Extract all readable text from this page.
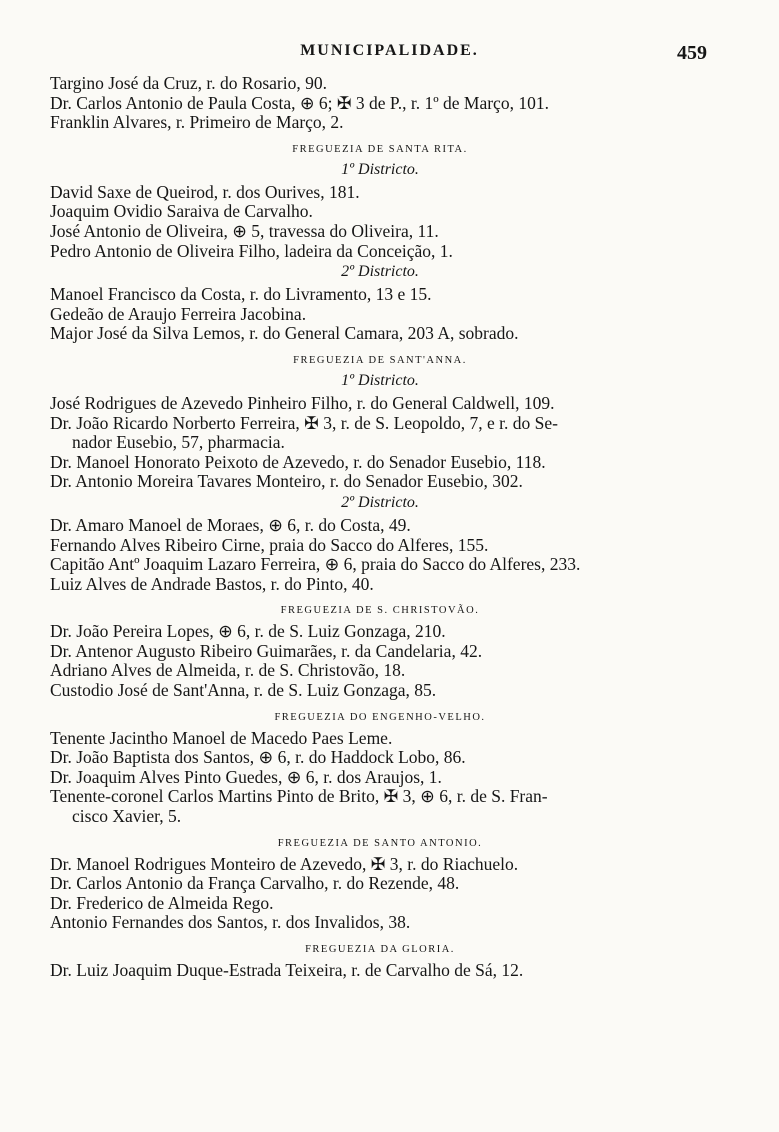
MUNICIPALIDADE.	459

Targino José da Cruz, r. do Rosario, 90.

Dr. Carlos Antonio de Paula Costa, ⊕ 6; ✠ 3 de P., r. 1º de Março, 101.

Franklin Alvares, r. Primeiro de Março, 2.

FREGUEZIA DE SANTA RITA.
1º Districto.

David Saxe de Queirod, r. dos Ourives, 181.

Joaquim Ovidio Saraiva de Carvalho.

José Antonio de Oliveira, ⊕ 5, travessa do Oliveira, 11.

Pedro Antonio de Oliveira Filho, ladeira da Conceição, 1.

2º Districto.

Manoel Francisco da Costa, r. do Livramento, 13 e 15.

Gedeão de Araujo Ferreira Jacobina.

Major José da Silva Lemos, r. do General Camara, 203 A, sobrado.

FREGUEZIA DE SANT'ANNA.
1º Districto.

José Rodrigues de Azevedo Pinheiro Filho, r. do General Caldwell, 109.

Dr. João Ricardo Norberto Ferreira, ✠ 3, r. de S. Leopoldo, 7, e r. do Se-

nador Eusebio, 57, pharmacia.

Dr. Manoel Honorato Peixoto de Azevedo, r. do Senador Eusebio, 118.

Dr. Antonio Moreira Tavares Monteiro, r. do Senador Eusebio, 302.

2º Districto.

Dr. Amaro Manoel de Moraes, ⊕ 6, r. do Costa, 49.

Fernando Alves Ribeiro Cirne, praia do Sacco do Alferes, 155.

Capitão Antº Joaquim Lazaro Ferreira, ⊕ 6, praia do Sacco do Alferes, 233.

Luiz Alves de Andrade Bastos, r. do Pinto, 40.

FREGUEZIA DE S. CHRISTOVÃO.

Dr. João Pereira Lopes, ⊕ 6, r. de S. Luiz Gonzaga, 210.

Dr. Antenor Augusto Ribeiro Guimarães, r. da Candelaria, 42.

Adriano Alves de Almeida, r. de S. Christovão, 18.

Custodio José de Sant'Anna, r. de S. Luiz Gonzaga, 85.

FREGUEZIA DO ENGENHO-VELHO.

Tenente Jacintho Manoel de Macedo Paes Leme.

Dr. João Baptista dos Santos, ⊕ 6, r. do Haddock Lobo, 86.

Dr. Joaquim Alves Pinto Guedes, ⊕ 6, r. dos Araujos, 1.

Tenente-coronel Carlos Martins Pinto de Brito, ✠ 3, ⊕ 6, r. de S. Fran-

cisco Xavier, 5.

FREGUEZIA DE SANTO ANTONIO.

Dr. Manoel Rodrigues Monteiro de Azevedo, ✠ 3, r. do Riachuelo.

Dr. Carlos Antonio da França Carvalho, r. do Rezende, 48.

Dr. Frederico de Almeida Rego.

Antonio Fernandes dos Santos, r. dos Invalidos, 38.

FREGUEZIA DA GLORIA.

Dr. Luiz Joaquim Duque-Estrada Teixeira, r. de Carvalho de Sá, 12.
